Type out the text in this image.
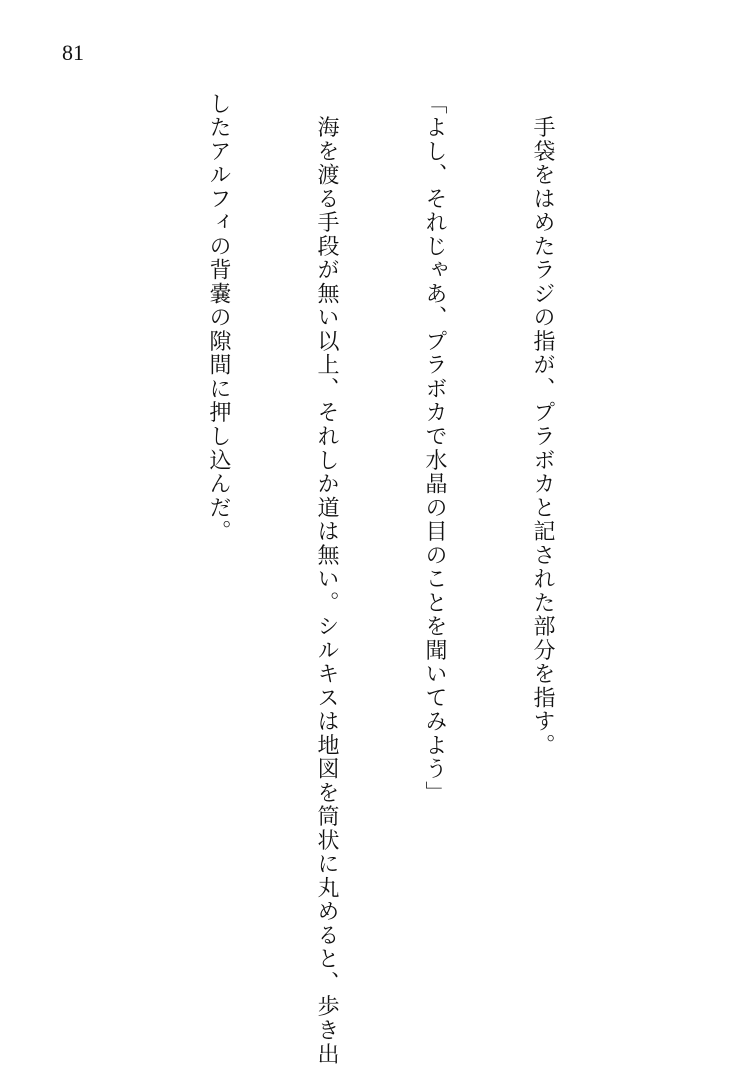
81

　手袋をはめたラジの指が、プラボカと記された部分を指す。

「よし、それじゃあ、プラボカで水晶の目のことを聞いてみよう」

　海を渡る手段が無い以上、それしか道は無い。シルキスは地図を筒状に丸めると、歩き出

したアルフィの背嚢の隙間に押し込んだ。
